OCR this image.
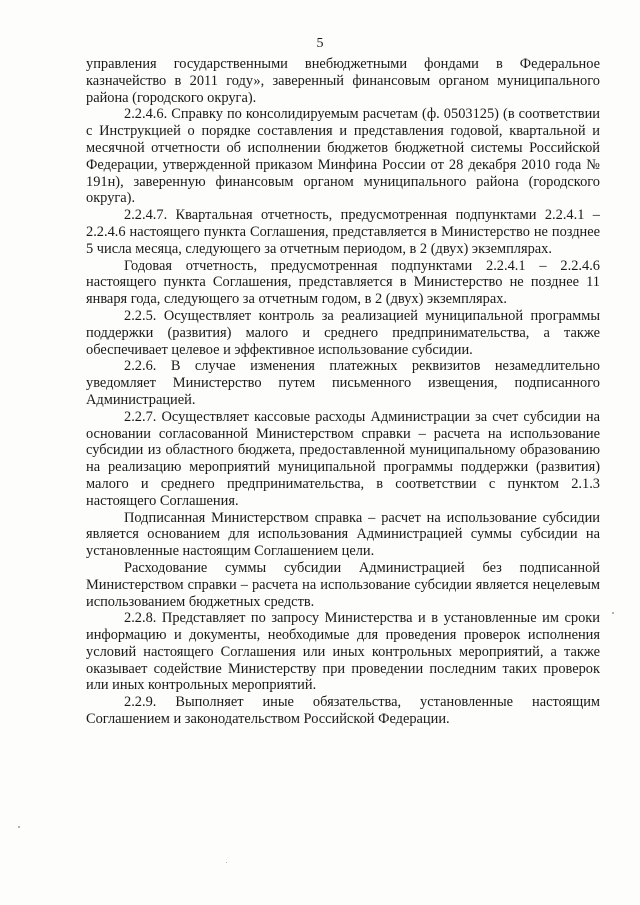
5

управления государственными внебюджетными фондами в Федеральное казначейство в 2011 году», заверенный финансовым органом муниципального района (городского округа).

2.2.4.6. Справку по консолидируемым расчетам (ф. 0503125) (в соответствии с Инструкцией о порядке составления и представления годовой, квартальной и месячной отчетности об исполнении бюджетов бюджетной системы Российской Федерации, утвержденной приказом Минфина России от 28 декабря 2010 года № 191н), заверенную финансовым органом муниципального района (городского округа).

2.2.4.7. Квартальная отчетность, предусмотренная подпунктами 2.2.4.1 – 2.2.4.6 настоящего пункта Соглашения, представляется в Министерство не позднее 5 числа месяца, следующего за отчетным периодом, в 2 (двух) экземплярах.

Годовая отчетность, предусмотренная подпунктами 2.2.4.1 – 2.2.4.6 настоящего пункта Соглашения, представляется в Министерство не позднее 11 января года, следующего за отчетным годом, в 2 (двух) экземплярах.

2.2.5. Осуществляет контроль за реализацией муниципальной программы поддержки (развития) малого и среднего предпринимательства, а также обеспечивает целевое и эффективное использование субсидии.

2.2.6. В случае изменения платежных реквизитов незамедлительно уведомляет Министерство путем письменного извещения, подписанного Администрацией.

2.2.7. Осуществляет кассовые расходы Администрации за счет субсидии на основании согласованной Министерством справки – расчета на использование субсидии из областного бюджета, предоставленной муниципальному образованию на реализацию мероприятий муниципальной программы поддержки (развития) малого и среднего предпринимательства, в соответствии с пунктом 2.1.3 настоящего Соглашения.

Подписанная Министерством справка – расчет на использование субсидии является основанием для использования Администрацией суммы субсидии на установленные настоящим Соглашением цели.

Расходование суммы субсидии Администрацией без подписанной Министерством справки – расчета на использование субсидии является нецелевым использованием бюджетных средств.

2.2.8. Представляет по запросу Министерства и в установленные им сроки информацию и документы, необходимые для проведения проверок исполнения условий настоящего Соглашения или иных контрольных мероприятий, а также оказывает содействие Министерству при проведении последним таких проверок или иных контрольных мероприятий.

2.2.9. Выполняет иные обязательства, установленные настоящим Соглашением и законодательством Российской Федерации.
